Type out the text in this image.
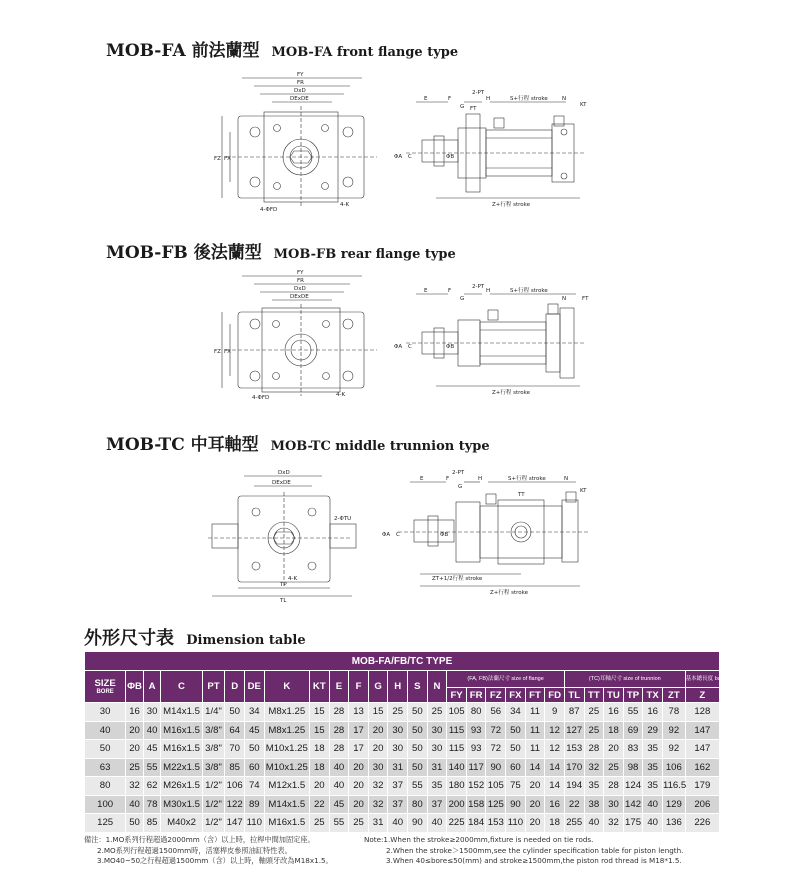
MOB-FA 前法蘭型 MOB-FA front flange type
MOB-FB 後法蘭型 MOB-FB rear flange type
MOB-TC 中耳軸型 MOB-TC middle trunnion type
FY
FR
DxD
DExDE
FZ FX
4-ΦFD
4-K
E	F
G
2-PT
H	S+行程 stroke	N
KT
FT
ΦA C	ΦB
Z+行程 stroke
FY
FR
DxD
DExDE
FZ FX
4-ΦFD	4-K
E	F
G
2-PT
H	S+行程 stroke
N	FT
ΦA C	ΦB
Z+行程 stroke
DxD
DExDE
2-ΦTU
4-K
TP
TL
E	F
G
2-PT
H	S+行程 stroke	N
KT
TT
ΦA C	ΦB
ZT+1/2行程 stroke
Z+行程 stroke
外形尺寸表 Dimension table
MOB-FA/FB/TC TYPE																											

SIZE
BORE	ΦB	A	C	PT	D	DE	K	KT	E	F	G	H	S	N	(FA, FB)法蘭尺寸 size of flange						(TC)耳軸尺寸 size of trunnion						基本總長度 basic length
															FY	FR	FZ	FX	FT	FD	TL	TT	TU	TP	TX	ZT	Z
30	16	30	M14x1.5	1/4"	50	34	M8x1.25	15	28	13	15	25	50	25	105	80	56	34	11	9	87	25	16	55	16	78	128
40	20	40	M16x1.5	3/8"	64	45	M8x1.25	15	28	17	20	30	50	30	115	93	72	50	11	12	127	25	18	69	29	92	147
50	20	45	M16x1.5	3/8"	70	50	M10x1.25	18	28	17	20	30	50	30	115	93	72	50	11	12	153	28	20	83	35	92	147
63	25	55	M22x1.5	3/8"	85	60	M10x1.25	18	40	20	30	31	50	31	140	117	90	60	14	14	170	32	25	98	35	106	162
80	32	62	M26x1.5	1/2"	106	74	M12x1.5	20	40	20	32	37	55	35	180	152	105	75	20	14	194	35	28	124	35	116.5	179
100	40	78	M30x1.5	1/2"	122	89	M14x1.5	22	45	20	32	37	80	37	200	158	125	90	20	16	22	38	30	142	40	129	206
125	50	85	M40x2	1/2"	147	110	M16x1.5	25	55	25	31	40	90	40	225	184	153	110	20	18	255	40	32	175	40	136	226
備注：1.MO系列行程超過2000mm（含）以上時，拉桿中間加固定座。
2.MO系列行程超過1500mm時，活塞桿皮參照油缸特性表。
3.MO40~50之行程超過1500mm（含）以上時，軸頭牙改為M18x1.5。
Note:1.When the stroke≥2000mm,fixture is needed on tie rods.
2.When the stroke＞1500mm,see the cylinder specification table for piston length.
3.When 40≤bore≤50(mm) and stroke≥1500mm,the piston rod thread is M18*1.5.
